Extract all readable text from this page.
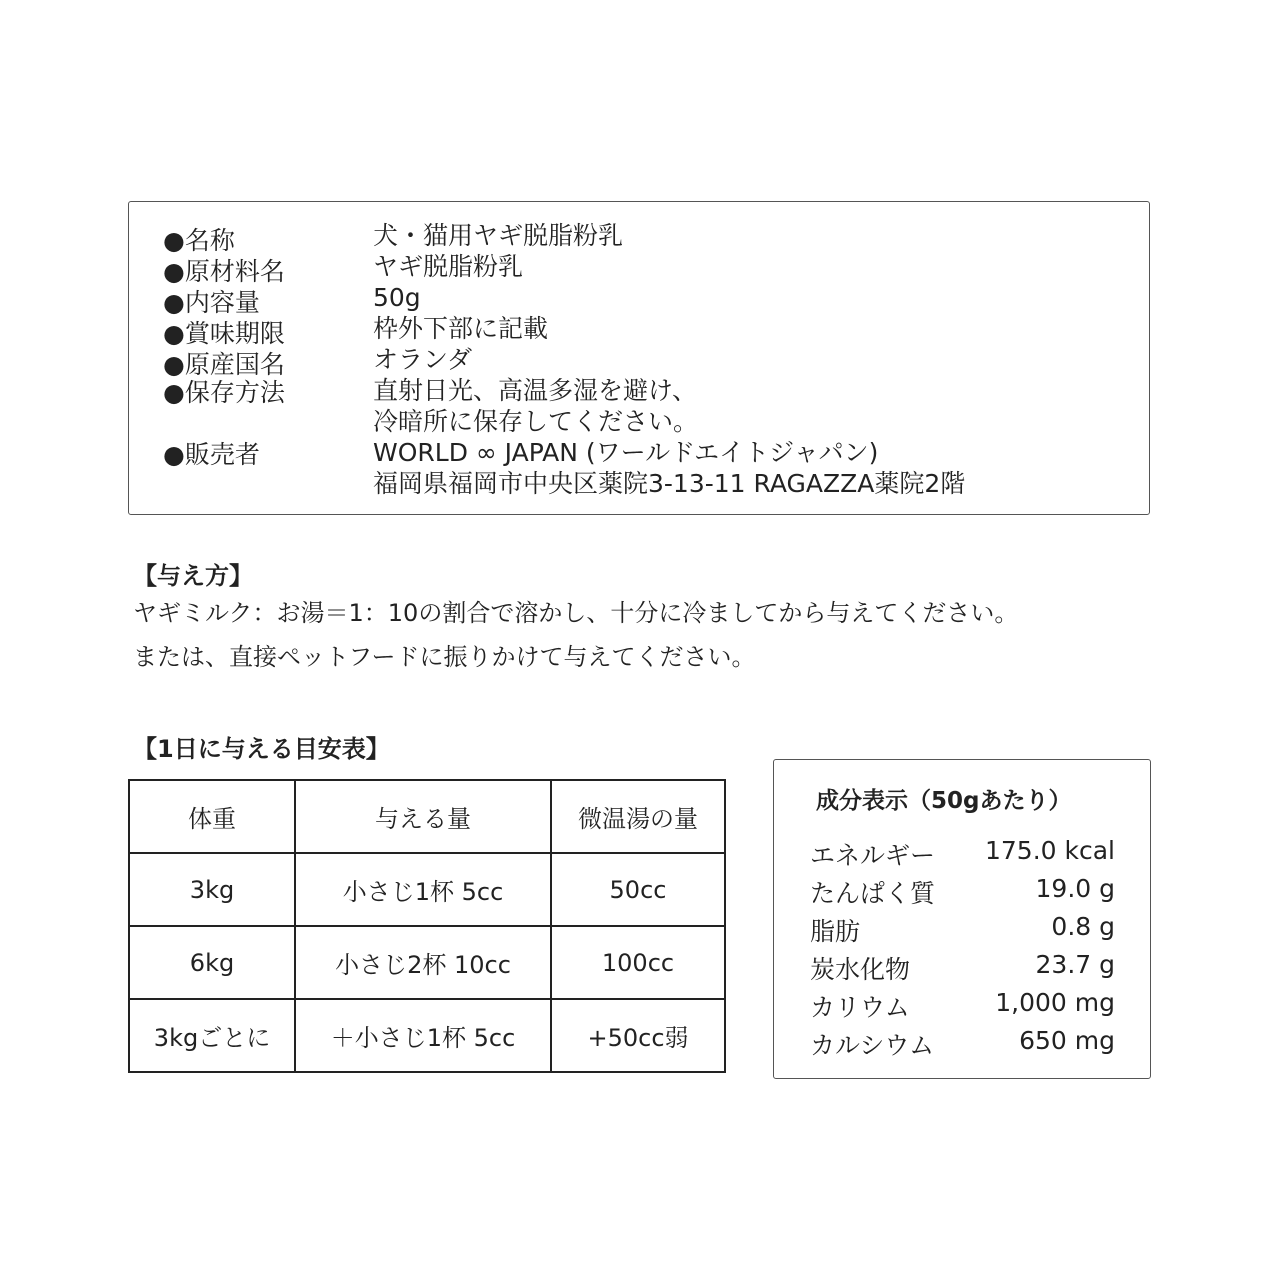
●名称	犬・猫用ヤギ脱脂粉乳
●原材料名	ヤギ脱脂粉乳
●内容量	50g
●賞味期限	枠外下部に記載
●原産国名	オランダ
●保存方法	直射日光、高温多湿を避け、
冷暗所に保存してください。
●販売者	WORLD ∞ JAPAN (ワールドエイトジャパン)
福岡県福岡市中央区薬院3-13-11 RAGAZZA薬院2階
【与え方】
ヤギミルク：お湯＝1：10の割合で溶かし、十分に冷ましてから与えてください。
または、直接ペットフードに振りかけて与えてください。
【1日に与える目安表】
体重	与える量	微温湯の量
3kg	小さじ1杯 5cc	50cc
6kg	小さじ2杯 10cc	100cc
3kgごとに	＋小さじ1杯 5cc	+50cc弱
成分表示（50gあたり）
エネルギー 175.0 kcal
たんぱく質	19.0 g
脂肪	0.8 g
炭水化物	23.7 g
カリウム	1,000 mg
カルシウム	650 mg
